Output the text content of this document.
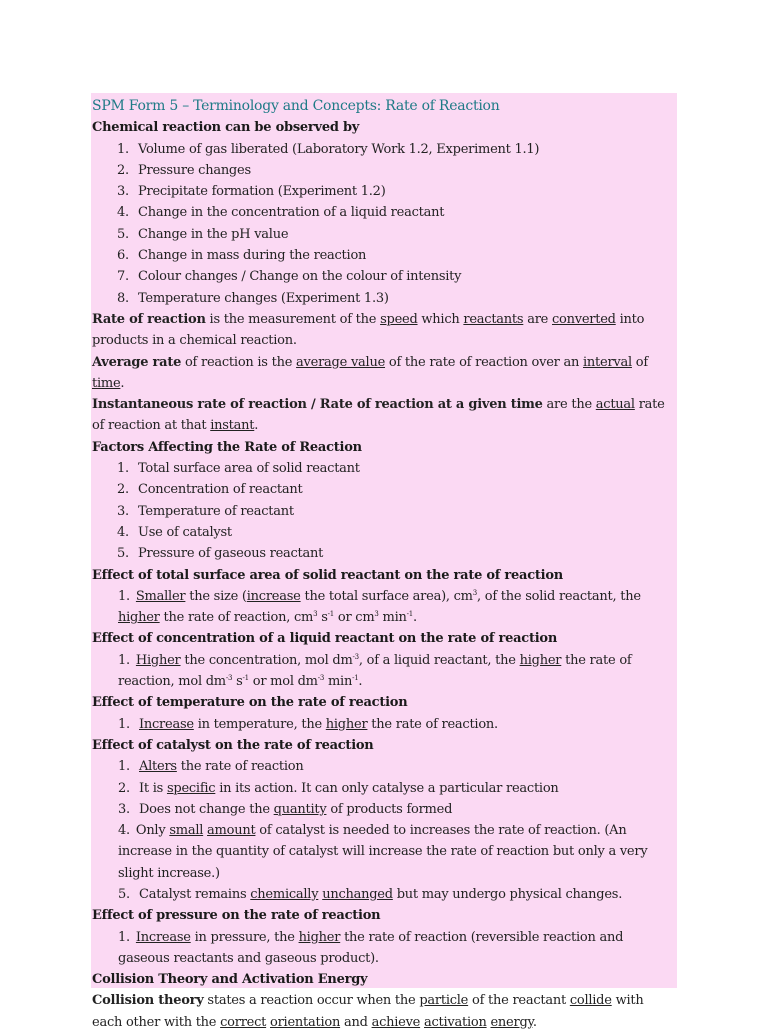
SPM Form 5 – Terminology and Concepts: Rate of Reaction
Chemical reaction can be observed by
1. Volume of gas liberated (Laboratory Work 1.2, Experiment 1.1)
2. Pressure changes
3. Precipitate formation (Experiment 1.2)
4. Change in the concentration of a liquid reactant
5. Change in the pH value
6. Change in mass during the reaction
7. Colour changes / Change on the colour of intensity
8. Temperature changes (Experiment 1.3)
Rate of reaction is the measurement of the speed which reactants are converted into products in a chemical reaction.
Average rate of reaction is the average value of the rate of reaction over an interval of time.
Instantaneous rate of reaction / Rate of reaction at a given time are the actual rate of reaction at that instant.
Factors Affecting the Rate of Reaction
1. Total surface area of solid reactant
2. Concentration of reactant
3. Temperature of reactant
4. Use of catalyst
5. Pressure of gaseous reactant
Effect of total surface area of solid reactant on the rate of reaction
1. Smaller the size (increase the total surface area), $cm^3$, of the solid reactant, the higher the rate of reaction, $cm^3$ $s^{-1}$ or $cm^3$ $\min^{-1}$.
Effect of concentration of a liquid reactant on the rate of reaction
1. Higher the concentration, mol $dm^{-3}$, of a liquid reactant, the higher the rate of reaction, mol $dm^{-3}$ $s^{-1}$ or mol $dm^{-3}$ $\min^{-1}$.
Effect of temperature on the rate of reaction
1. Increase in temperature, the higher the rate of reaction.
Effect of catalyst on the rate of reaction
1. Alters the rate of reaction
2. It is specific in its action. It can only catalyse a particular reaction
3. Does not change the quantity of products formed
4. Only small amount of catalyst is needed to increases the rate of reaction. (An increase in the quantity of catalyst will increase the rate of reaction but only a very slight increase.)
5. Catalyst remains chemically unchanged but may undergo physical changes.
Effect of pressure on the rate of reaction
1. Increase in pressure, the higher the rate of reaction (reversible reaction and gaseous reactants and gaseous product).
Collision Theory and Activation Energy
Collision theory states a reaction occur when the particle of the reactant collide with each other with the correct orientation and achieve activation energy.
